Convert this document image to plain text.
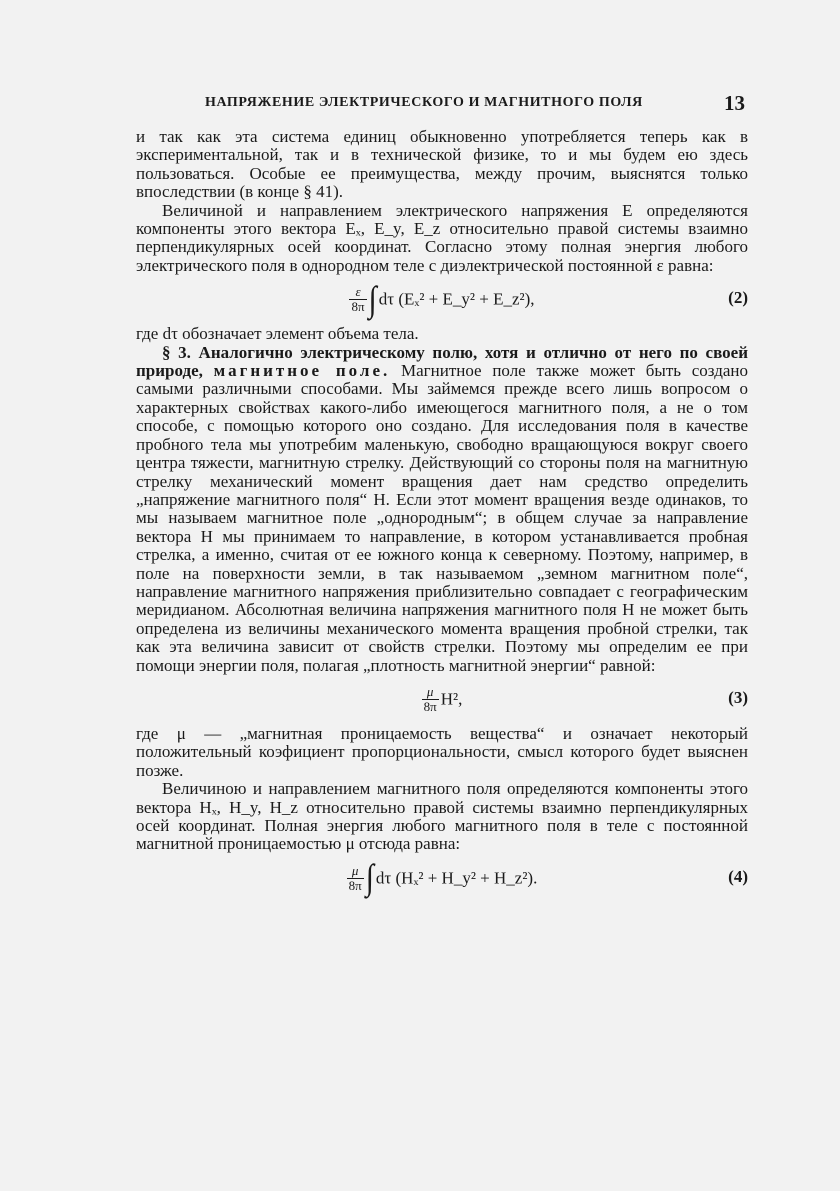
НАПРЯЖЕНИЕ ЭЛЕКТРИЧЕСКОГО И МАГНИТНОГО ПОЛЯ	13

и так как эта система единиц обыкновенно употребляется теперь как в экспериментальной, так и в технической физике, то и мы будем ею здесь пользоваться. Особые ее преимущества, между прочим, выяснятся только впоследствии (в конце § 41).

Величиной и направлением электрического напряжения E определяются компоненты этого вектора Eₓ, E_y, E_z относительно правой системы взаимно перпендикулярных осей координат. Согласно этому полная энергия любого электрического поля в однородном теле с диэлектрической постоянной ε равна:

$\frac{\varepsilon}{8\pi}$ ∫ dτ (Eₓ² + E_y² + E_z²),	(2)

где dτ обозначает элемент объема тела.

§ 3. Аналогично электрическому полю, хотя и отлично от него по своей природе, магнитное поле. Магнитное поле также может быть создано самыми различными способами. Мы займемся прежде всего лишь вопросом о характерных свойствах какого-либо имеющегося магнитного поля, а не о том способе, с помощью которого оно создано. Для исследования поля в качестве пробного тела мы употребим маленькую, свободно вращающуюся вокруг своего центра тяжести, магнитную стрелку. Действующий со стороны поля на магнитную стрелку механический момент вращения дает нам средство определить „напряжение магнитного поля“ H. Если этот момент вращения везде одинаков, то мы называем магнитное поле „однородным“; в общем случае за направление вектора H мы принимаем то направление, в котором устанавливается пробная стрелка, а именно, считая от ее южного конца к северному. Поэтому, например, в поле на поверхности земли, в так называемом „земном магнитном поле“, направление магнитного напряжения приблизительно совпадает с географическим меридианом. Абсолютная величина напряжения магнитного поля H не может быть определена из величины механического момента вращения пробной стрелки, так как эта величина зависит от свойств стрелки. Поэтому мы определим ее при помощи энергии поля, полагая „плотность магнитной энергии“ равной:

$\frac{\mu}{8\pi} H^2$,	(3)

где μ — „магнитная проницаемость вещества“ и означает некоторый положительный коэфициент пропорциональности, смысл которого будет выяснен позже.

Величиною и направлением магнитного поля определяются компоненты этого вектора Hₓ, H_y, H_z относительно правой системы взаимно перпендикулярных осей координат. Полная энергия любого магнитного поля в теле с постоянной магнитной проницаемостью μ отсюда равна:

$\frac{\mu}{8\pi}$ ∫ dτ (Hₓ² + H_y² + H_z²).	(4)
